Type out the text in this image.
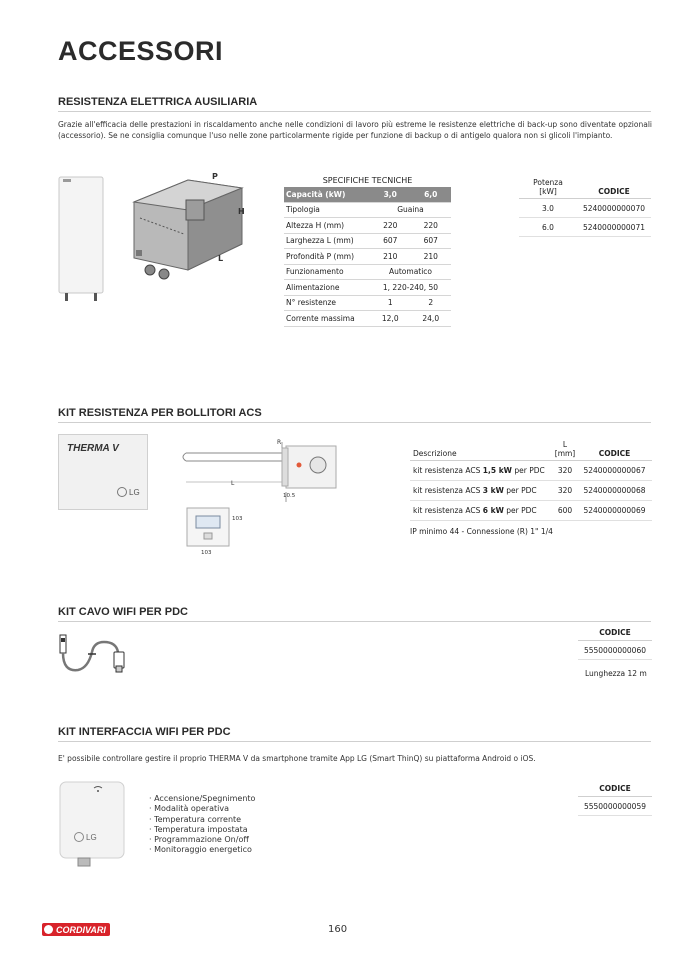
ACCESSORI
RESISTENZA ELETTRICA AUSILIARIA
Grazie all'efficacia delle prestazioni in riscaldamento anche nelle condizioni di lavoro più estreme le resistenze elettriche di back-up sono diventate opzionali (accessorio). Se ne consiglia comunque l'uso nelle zone particolarmente rigide per funzione di backup o di antigelo qualora non si glicoli l'impianto.
P
H
L
SPECIFICHE TECNICHE
Capacità (kW)	3,0	6,0
Tipologia	Guaina	
Altezza H (mm)	220	220
Larghezza L (mm)	607	607
Profondità P (mm)	210	210
Funzionamento	Automatico	
Alimentazione	1, 220-240, 50	
N° resistenze	1	2
Corrente massima	12,0	24,0
Potenza
[kW]	CODICE
3.0	5240000000070
6.0	5240000000071
KIT RESISTENZA PER BOLLITORI ACS
THERMA V
LG
R
L
10.5
103
103
Descrizione
L
[mm]	CODICE
kit resistenza ACS 1,5 kW per PDC	320	5240000000067
kit resistenza ACS 3 kW per PDC	320	5240000000068
kit resistenza ACS 6 kW per PDC	600	5240000000069
IP minimo 44 - Connessione (R) 1" 1/4
KIT CAVO WIFI PER PDC
CODICE
5550000000060
Lunghezza 12 m
KIT INTERFACCIA WIFI PER PDC
E' possibile controllare gestire il proprio THERMA V da smartphone tramite App LG (Smart ThinQ) su piattaforma Android o iOS.
LG
· Accensione/Spegnimento
· Modalità operativa
· Temperatura corrente
· Temperatura impostata
· Programmazione On/off
· Monitoraggio energetico
CODICE
5550000000059
CORDIVARI	160
